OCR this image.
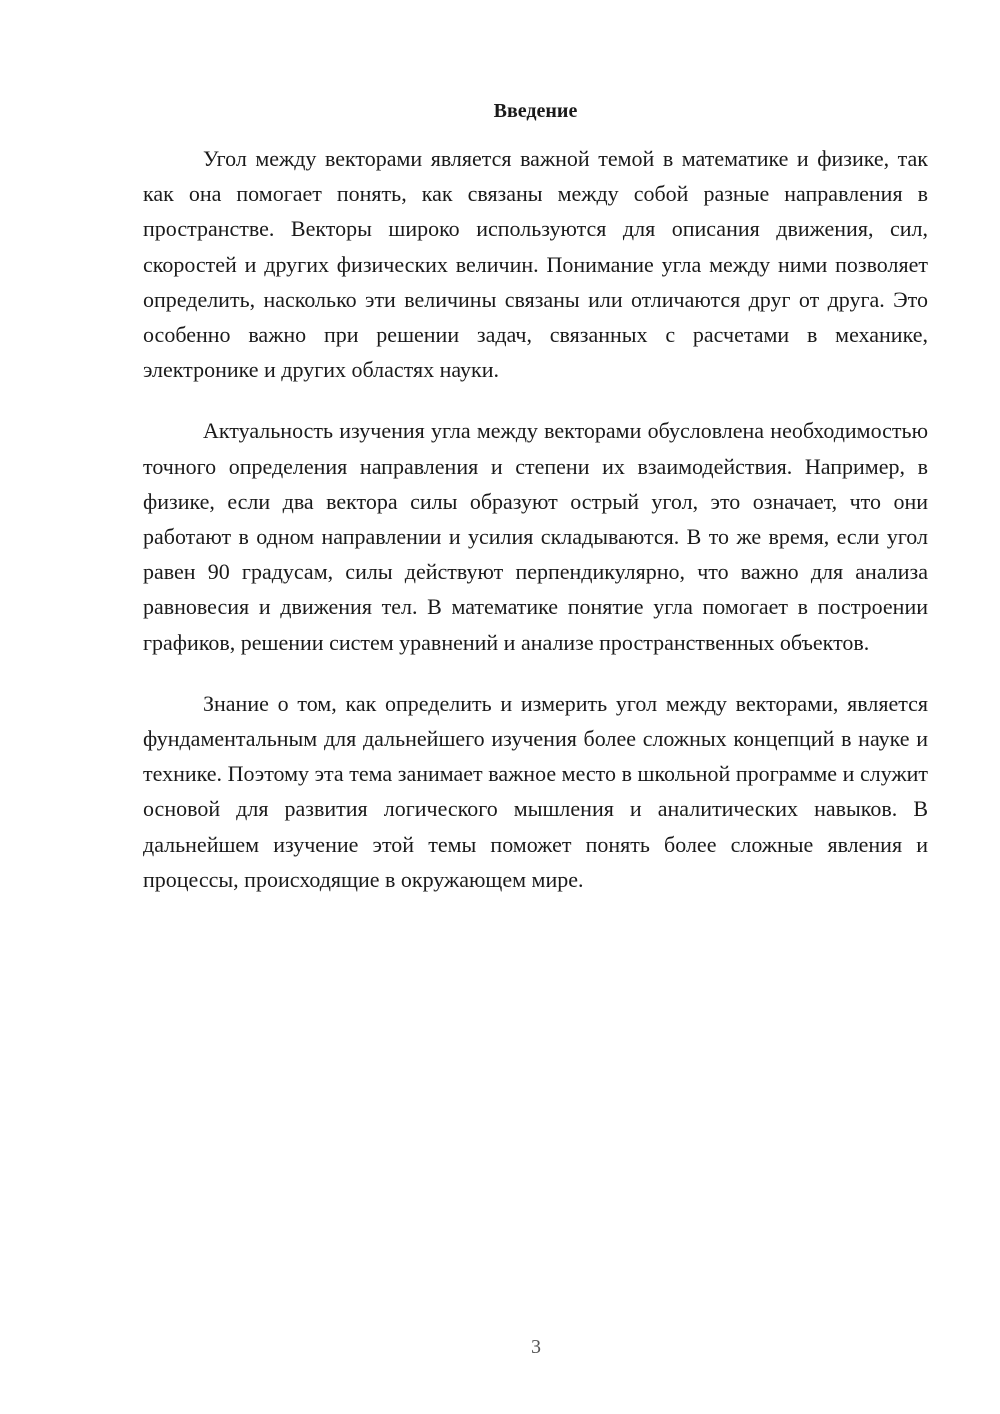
Введение

Угол между векторами является важной темой в математике и физике, так как она помогает понять, как связаны между собой разные направления в пространстве. Векторы широко используются для описания движения, сил, скоростей и других физических величин. Понимание угла между ними позволяет определить, насколько эти величины связаны или отличаются друг от друга. Это особенно важно при решении задач, связанных с расчетами в механике, электронике и других областях науки.

Актуальность изучения угла между векторами обусловлена необходимостью точного определения направления и степени их взаимодействия. Например, в физике, если два вектора силы образуют острый угол, это означает, что они работают в одном направлении и усилия складываются. В то же время, если угол равен 90 градусам, силы действуют перпендикулярно, что важно для анализа равновесия и движения тел. В математике понятие угла помогает в построении графиков, решении систем уравнений и анализе пространственных объектов.

Знание о том, как определить и измерить угол между векторами, является фундаментальным для дальнейшего изучения более сложных концепций в науке и технике. Поэтому эта тема занимает важное место в школьной программе и служит основой для развития логического мышления и аналитических навыков. В дальнейшем изучение этой темы поможет понять более сложные явления и процессы, происходящие в окружающем мире.

3
